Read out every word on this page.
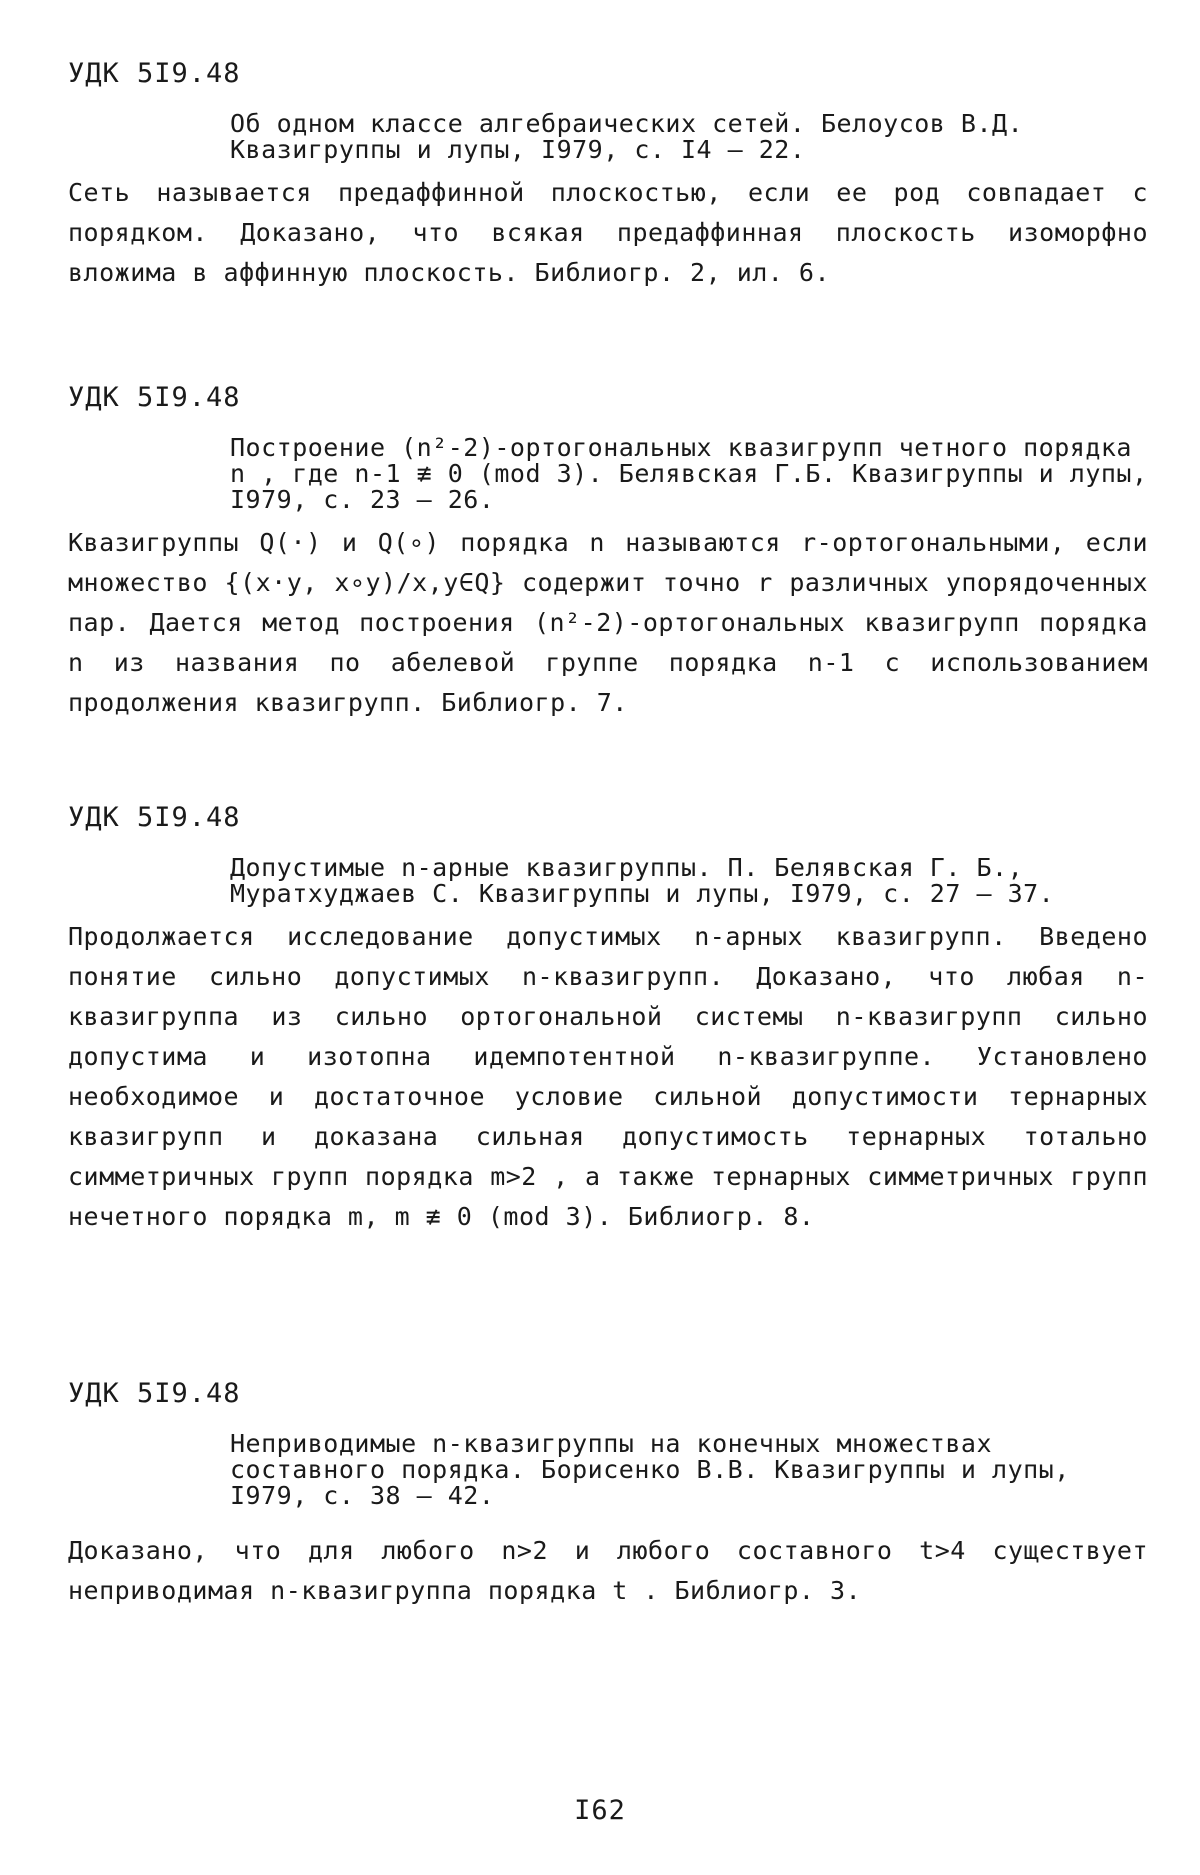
УДК 5I9.48

Об одном классе алгебраических сетей. Белоусов В.Д. Квазигруппы и лупы, I979, с. I4 – 22.

Сеть называется предаффинной плоскостью, если ее род совпадает с порядком. Доказано, что всякая предаффинная плоскость изоморфно вложима в аффинную плоскость. Библиогр. 2, ил. 6.

УДК 5I9.48

Построение (n²-2)-ортогональных квазигрупп четного порядка n , где n-1 ≢ 0 (mod 3). Белявская Г.Б. Квазигруппы и лупы, I979, с. 23 – 26.

Квазигруппы Q(·) и Q(∘) порядка n называются r-ортогональными, если множество {(x·y, x∘y)/x,y∈Q} содержит точно r различных упорядоченных пар. Дается метод построения (n²-2)-ортогональных квазигрупп порядка n из названия по абелевой группе порядка n-1 с использованием продолжения квазигрупп. Библиогр. 7.

УДК 5I9.48

Допустимые n-арные квазигруппы. П. Белявская Г. Б., Муратхуджаев С. Квазигруппы и лупы, I979, с. 27 – 37.

Продолжается исследование допустимых n-арных квазигрупп. Введено понятие сильно допустимых n-квазигрупп. Доказано, что любая n-квазигруппа из сильно ортогональной системы n-квазигрупп сильно допустима и изотопна идемпотентной n-квазигруппе. Установлено необходимое и достаточное условие сильной допустимости тернарных квазигрупп и доказана сильная допустимость тернарных тотально симметричных групп порядка m>2 , а также тернарных симметричных групп нечетного порядка m, m ≢ 0 (mod 3). Библиогр. 8.

УДК 5I9.48

Неприводимые n-квазигруппы на конечных множествах составного порядка. Борисенко В.В. Квазигруппы и лупы, I979, с. 38 – 42.

Доказано, что для любого n>2 и любого составного t>4 существует неприводимая n-квазигруппа порядка t . Библиогр. 3.

I62
